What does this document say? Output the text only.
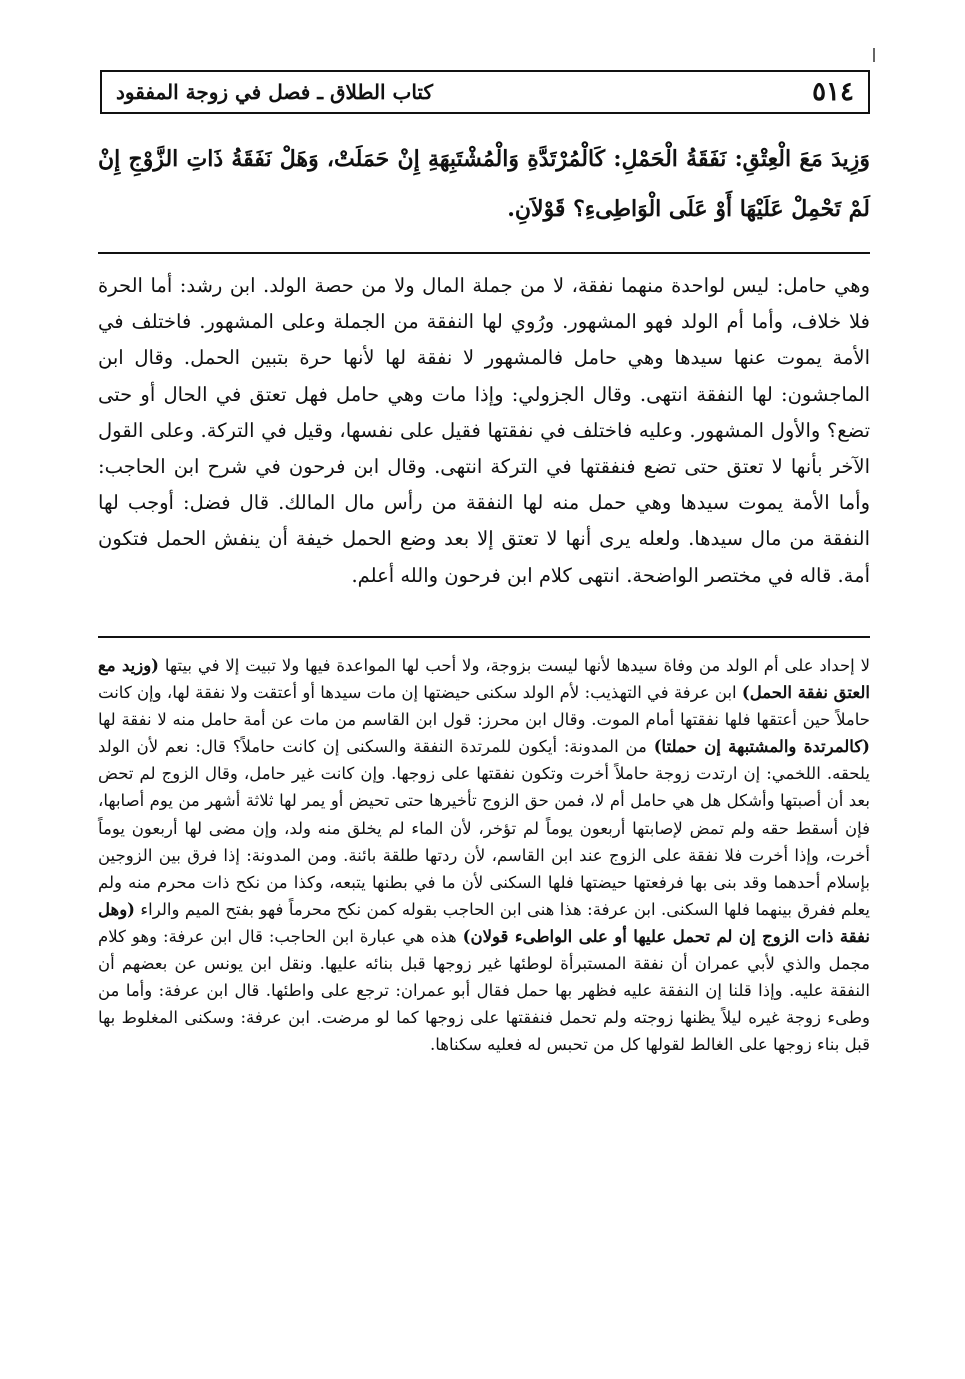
٥١٤
كتاب الطلاق ـ فصل في زوجة المفقود
وَزِيدَ مَعَ الْعِتْقِ: نَفَقَةُ الْحَمْلِ: كَالْمُرْتَدَّةِ وَالْمُشْتَبِهَةِ إِنْ حَمَلَتْ، وَهَلْ نَفَقَةُ ذَاتِ الزَّوْجِ إِنْ لَمْ تَحْمِلْ عَلَيْهَا أَوْ عَلَى الْوَاطِىءِ؟ قَوْلاَنِ.
وهي حامل: ليس لواحدة منهما نفقة، لا من جملة المال ولا من حصة الولد. ابن رشد: أما الحرة فلا خلاف، وأما أم الولد فهو المشهور. ورُوي لها النفقة من الجملة وعلى المشهور. فاختلف في الأمة يموت عنها سيدها وهي حامل فالمشهور لا نفقة لها لأنها حرة بتبين الحمل. وقال ابن الماجشون: لها النفقة انتهى. وقال الجزولي: وإذا مات وهي حامل فهل تعتق في الحال أو حتى تضع؟ والأول المشهور. وعليه فاختلف في نفقتها فقيل على نفسها، وقيل في التركة. وعلى القول الآخر بأنها لا تعتق حتى تضع فنفقتها في التركة انتهى. وقال ابن فرحون في شرح ابن الحاجب: وأما الأمة يموت سيدها وهي حمل منه لها النفقة من رأس مال المالك. قال فضل: أوجب لها النفقة من مال سيدها. ولعله يرى أنها لا تعتق إلا بعد وضع الحمل خيفة أن ينفش الحمل فتكون أمة. قاله في مختصر الواضحة. انتهى كلام ابن فرحون والله أعلم.
لا إحداد على أم الولد من وفاة سيدها لأنها ليست بزوجة، ولا أحب لها المواعدة فيها ولا تبيت إلا في بيتها (وزيد مع العتق نفقة الحمل) ابن عرفة في التهذيب: لأم الولد سكنى حيضتها إن مات سيدها أو أعتقت ولا نفقة لها، وإن كانت حاملاً حين أعتقها فلها نفقتها أمام الموت. وقال ابن محرز: قول ابن القاسم من مات عن أمة حامل منه لا نفقة لها (كالمرتدة والمشتبهة إن حملتا) من المدونة: أيكون للمرتدة النفقة والسكنى إن كانت حاملاً؟ قال: نعم لأن الولد يلحقه. اللخمي: إن ارتدت زوجة حاملاً أخرت وتكون نفقتها على زوجها. وإن كانت غير حامل، وقال الزوج لم تحض بعد أن أصبتها وأشكل هل هي حامل أم لا، فمن حق الزوج تأخيرها حتى تحيض أو يمر لها ثلاثة أشهر من يوم أصابها، فإن أسقط حقه ولم تمض لإصابتها أربعون يوماً لم تؤخر، لأن الماء لم يخلق منه ولد، وإن مضى لها أربعون يوماً أخرت، وإذا أخرت فلا نفقة على الزوج عند ابن القاسم، لأن ردتها طلقة بائنة. ومن المدونة: إذا فرق بين الزوجين بإسلام أحدهما وقد بنى بها فرفعتها حيضتها فلها السكنى لأن ما في بطنها يتبعه، وكذا من نكح ذات محرم منه ولم يعلم ففرق بينهما فلها السكنى. ابن عرفة: هذا هنى ابن الحاجب بقوله كمن نكح محرماً فهو بفتح الميم والراء (وهل نفقة ذات الزوج إن لم تحمل عليها أو على الواطىء قولان) هذه هي عبارة ابن الحاجب: قال ابن عرفة: وهو كلام مجمل والذي لأبي عمران أن نفقة المستبرأة لوطئها غير زوجها قبل بنائه عليها. ونقل ابن يونس عن بعضهم أن النفقة عليه. وإذا قلنا إن النفقة عليه فظهر بها حمل فقال أبو عمران: ترجع على واطئها. قال ابن عرفة: وأما من وطىء زوجة غيره ليلاً يظنها زوجته ولم تحمل فنفقتها على زوجها كما لو مرضت. ابن عرفة: وسكنى المغلوط بها قبل بناء زوجها على الغالط لقولها كل من تحبس له فعليه سكناها.
